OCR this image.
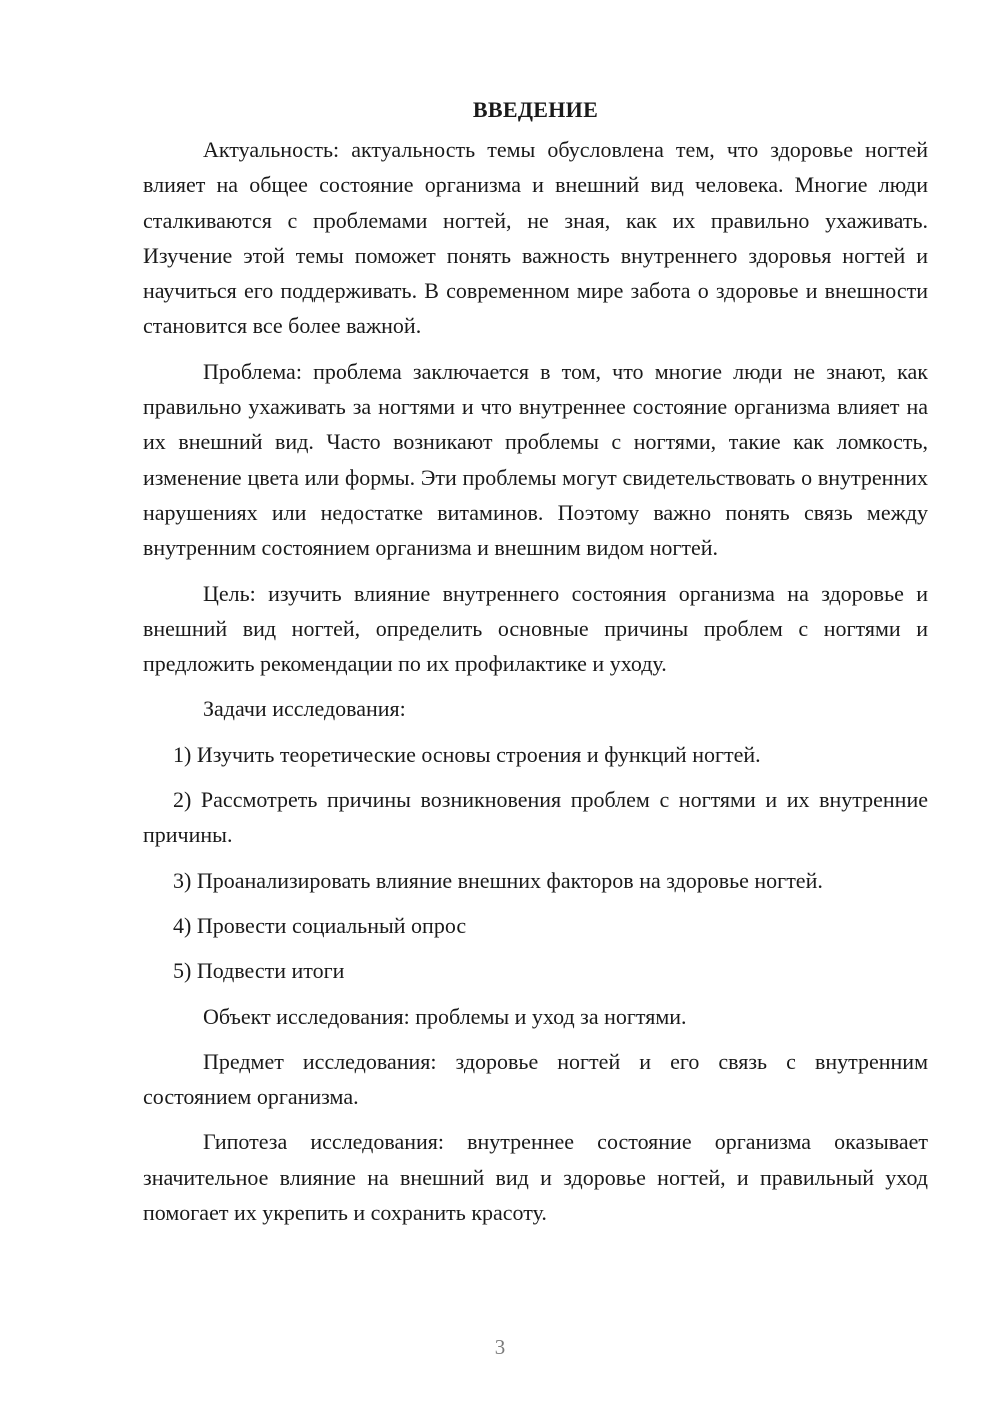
ВВЕДЕНИЕ

Актуальность: актуальность темы обусловлена тем, что здоровье ногтей влияет на общее состояние организма и внешний вид человека. Многие люди сталкиваются с проблемами ногтей, не зная, как их правильно ухаживать. Изучение этой темы поможет понять важность внутреннего здоровья ногтей и научиться его поддерживать. В современном мире забота о здоровье и внешности становится все более важной.

Проблема: проблема заключается в том, что многие люди не знают, как правильно ухаживать за ногтями и что внутреннее состояние организма влияет на их внешний вид. Часто возникают проблемы с ногтями, такие как ломкость, изменение цвета или формы. Эти проблемы могут свидетельствовать о внутренних нарушениях или недостатке витаминов. Поэтому важно понять связь между внутренним состоянием организма и внешним видом ногтей.

Цель: изучить влияние внутреннего состояния организма на здоровье и внешний вид ногтей, определить основные причины проблем с ногтями и предложить рекомендации по их профилактике и уходу.

Задачи исследования:

1) Изучить теоретические основы строения и функций ногтей.

2) Рассмотреть причины возникновения проблем с ногтями и их внутренние причины.

3) Проанализировать влияние внешних факторов на здоровье ногтей.

4) Провести социальный опрос

5) Подвести итоги

Объект исследования: проблемы и уход за ногтями.

Предмет исследования: здоровье ногтей и его связь с внутренним состоянием организма.

Гипотеза исследования: внутреннее состояние организма оказывает значительное влияние на внешний вид и здоровье ногтей, и правильный уход помогает их укрепить и сохранить красоту.

3
